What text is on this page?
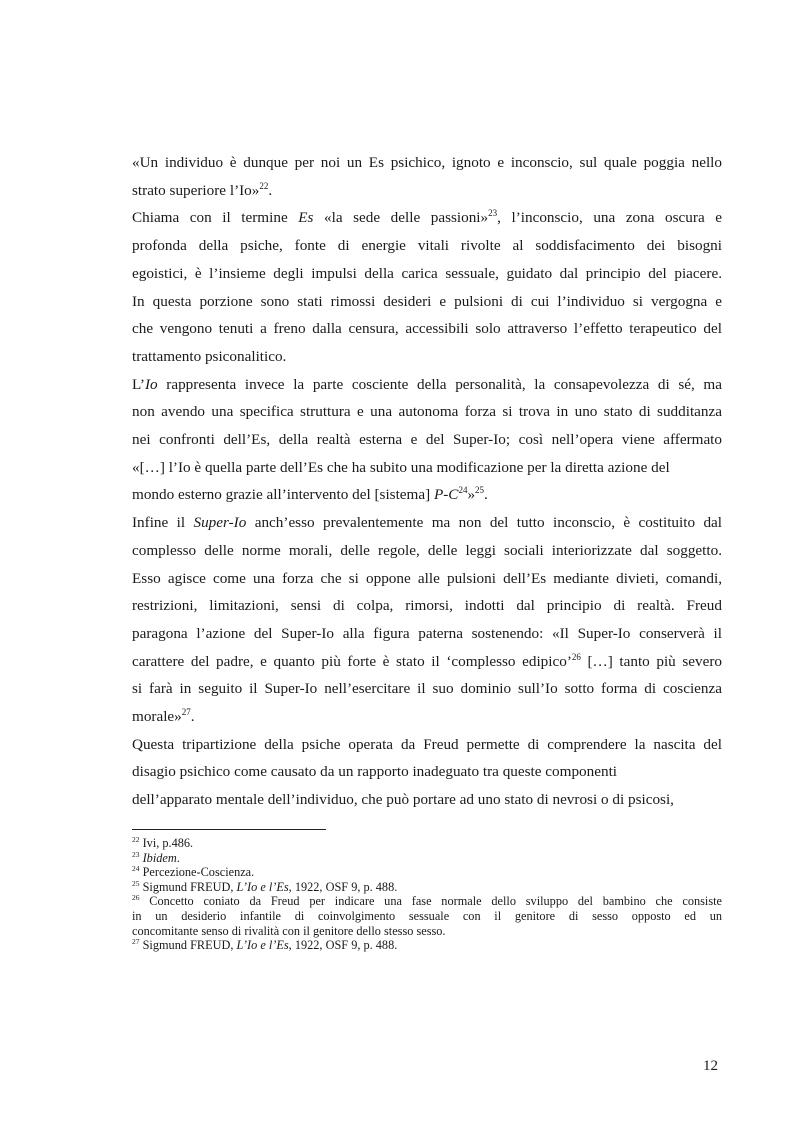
«Un individuo è dunque per noi un Es psichico, ignoto e inconscio, sul quale poggia nello
strato superiore l’Io»$^{22}$.
Chiama con il termine Es «la sede delle passioni»$^{23}$, l’inconscio, una zona oscura e
profonda della psiche, fonte di energie vitali rivolte al soddisfacimento dei bisogni
egoistici, è l’insieme degli impulsi della carica sessuale, guidato dal principio del piacere.
In questa porzione sono stati rimossi desideri e pulsioni di cui l’individuo si vergogna e
che vengono tenuti a freno dalla censura, accessibili solo attraverso l’effetto terapeutico del
trattamento psiconalitico.
L’Io rappresenta invece la parte cosciente della personalità, la consapevolezza di sé, ma
non avendo una specifica struttura e una autonoma forza si trova in uno stato di sudditanza
nei confronti dell’Es, della realtà esterna e del Super-Io; così nell’opera viene affermato
«[…] l’Io è quella parte dell’Es che ha subito una modificazione per la diretta azione del
mondo esterno grazie all’intervento del [sistema] $P-C^{24}»^{25}$.
Infine il Super-Io anch’esso prevalentemente ma non del tutto inconscio, è costituito dal
complesso delle norme morali, delle regole, delle leggi sociali interiorizzate dal soggetto.
Esso agisce come una forza che si oppone alle pulsioni dell’Es mediante divieti, comandi,
restrizioni, limitazioni, sensi di colpa, rimorsi, indotti dal principio di realtà. Freud
paragona l’azione del Super-Io alla figura paterna sostenendo: «Il Super-Io conserverà il
carattere del padre, e quanto più forte è stato il ‘complesso edipico’$^{26}$ […] tanto più severo
si farà in seguito il Super-Io nell’esercitare il suo dominio sull’Io sotto forma di coscienza
morale»$^{27}$.
Questa tripartizione della psiche operata da Freud permette di comprendere la nascita del
disagio psichico come causato da un rapporto inadeguato tra queste componenti
dell’apparato mentale dell’individuo, che può portare ad uno stato di nevrosi o di psicosi,
$^{22}$ Ivi, p.486.
$^{23}$ Ibidem.
$^{24}$ Percezione-Coscienza.
$^{25}$ Sigmund FREUD, L’Io e l’Es, 1922, OSF 9, p. 488.
$^{26}$ Concetto coniato da Freud per indicare una fase normale dello sviluppo del bambino che consiste
in un desiderio infantile di coinvolgimento sessuale con il genitore di sesso opposto ed un
concomitante senso di rivalità con il genitore dello stesso sesso.
$^{27}$ Sigmund FREUD, L’Io e l’Es, 1922, OSF 9, p. 488.
12
